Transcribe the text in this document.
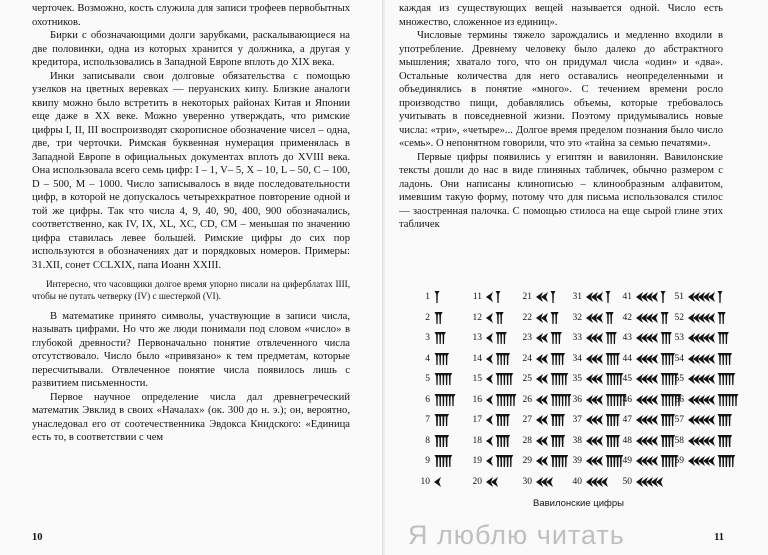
черточек. Возможно, кость служила для записи трофеев первобытных охотников.

Бирки с обозначающими долги зарубками, раскалывающиеся на две половинки, одна из которых хранится у должника, а другая у кредитора, использовались в Западной Европе вплоть до XIX века.

Инки записывали свои долговые обязательства с помощью узелков на цветных веревках — перуанских кипу. Близкие аналоги квипу можно было встретить в некоторых районах Китая и Японии еще даже в XX веке. Можно уверенно утверждать, что римские цифры I, II, III воспроизводят скорописное обозначение чисел – одна, две, три черточки. Римская буквенная нумерация применялась в Западной Европе в официальных документах вплоть до XVIII века. Она использовала всего семь цифр: I – 1, V– 5, X – 10, L – 50, C – 100, D – 500, M – 1000. Число записывалось в виде последовательности цифр, в которой не допускалось четырехкратное повторение одной и той же цифры. Так что числа 4, 9, 40, 90, 400, 900 обозначались, соответственно, как IV, IX, XL, XC, CD, CM – меньшая по значению цифра ставилась левее большей. Римские цифры до сих пор используются в обозначениях дат и порядковых номеров. Примеры: 31.XII, сонет CCLXIX, папа Иоанн XXIII.

Интересно, что часовщики долгое время упорно писали на циферблатах IIII, чтобы не путать четверку (IV) с шестеркой (VI).

В математике принято символы, участвующие в записи числа, называть цифрами. Но что же люди понимали под словом «число» в глубокой древности? Первоначально понятие отвлеченного числа отсутствовало. Число было «привязано» к тем предметам, которые пересчитывали. Отвлеченное понятие числа появилось лишь с развитием письменности.

Первое научное определение числа дал древнегреческий математик Эвклид в своих «Началах» (ок. 300 до н. э.); он, вероятно, унаследовал его от соотечественника Эвдокса Книдского: «Единица есть то, в соответствии с чем

10

каждая из существующих вещей называется одной. Число есть множество, сложенное из единиц».

Числовые термины тяжело зарождались и медленно входили в употребление. Древнему человеку было далеко до абстрактного мышления; хватало того, что он придумал числа «один» и «два». Остальные количества для него оставались неопределенными и объединялись в понятие «много». С течением времени росло производство пищи, добавлялись объемы, которые требовалось учитывать в повседневной жизни. Поэтому придумывались новые числа: «три», «четыре»... Долгое время пределом познания было число «семь». О непонятном говорили, что это «тайна за семью печатями».

Первые цифры появились у египтян и вавилонян. Вавилонские тексты дошли до нас в виде глиняных табличек, обычно размером с ладонь. Они написаны клинописью – клинообразным алфавитом, имевшим такую форму, потому что для письма использовался стилос — заостренная палочка. С помощью стилоса на еще сырой глине этих табличек

1
2
3
4
5
6
7
8
9
10
11
12
13
14
15
16
17
18
19
20
21
22
23
24
25
26
27
28
29
30
31
32
33
34
35
36
37
38
39
40
41
42
43
44
45
46
47
48
49
50
51
52
53
54
55
56
57
58
59
Вавилонские цифры
11
Я люблю читать
